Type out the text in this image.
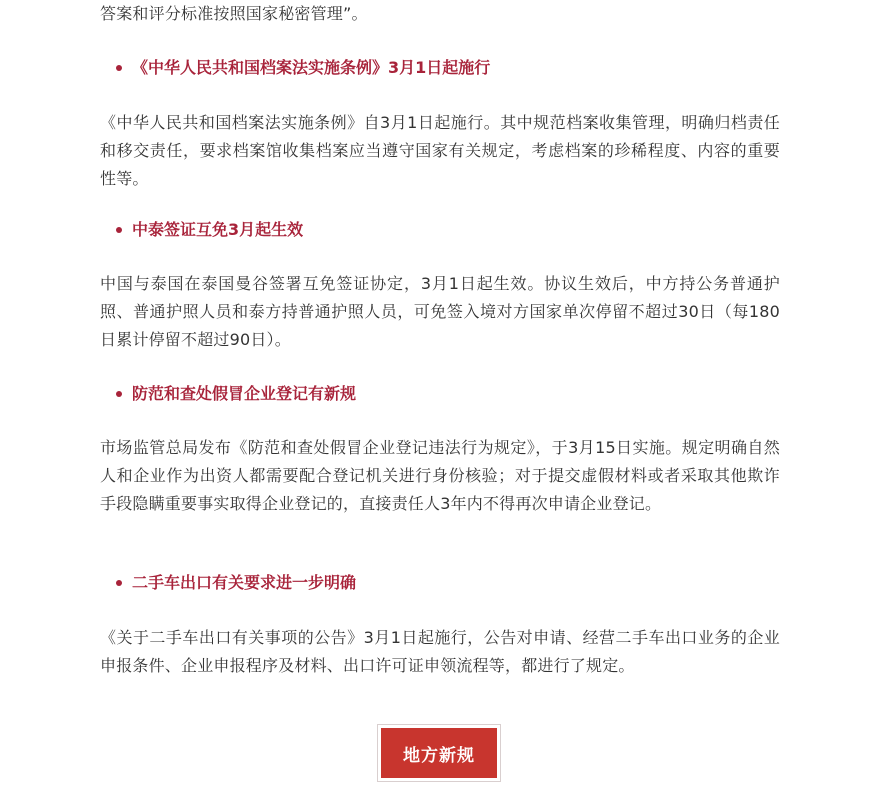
答案和评分标准按照国家秘密管理”。

《中华人民共和国档案法实施条例》3月1日起施行

《中华人民共和国档案法实施条例》自3月1日起施行。其中规范档案收集管理，明确归档责任和移交责任，要求档案馆收集档案应当遵守国家有关规定，考虑档案的珍稀程度、内容的重要性等。

中泰签证互免3月起生效

中国与泰国在泰国曼谷签署互免签证协定，3月1日起生效。协议生效后，中方持公务普通护照、普通护照人员和泰方持普通护照人员，可免签入境对方国家单次停留不超过30日（每180日累计停留不超过90日）。

防范和查处假冒企业登记有新规

市场监管总局发布《防范和查处假冒企业登记违法行为规定》，于3月15日实施。规定明确自然人和企业作为出资人都需要配合登记机关进行身份核验；对于提交虚假材料或者采取其他欺诈手段隐瞒重要事实取得企业登记的，直接责任人3年内不得再次申请企业登记。

二手车出口有关要求进一步明确

《关于二手车出口有关事项的公告》3月1日起施行，公告对申请、经营二手车出口业务的企业申报条件、企业申报程序及材料、出口许可证申领流程等，都进行了规定。

地方新规
